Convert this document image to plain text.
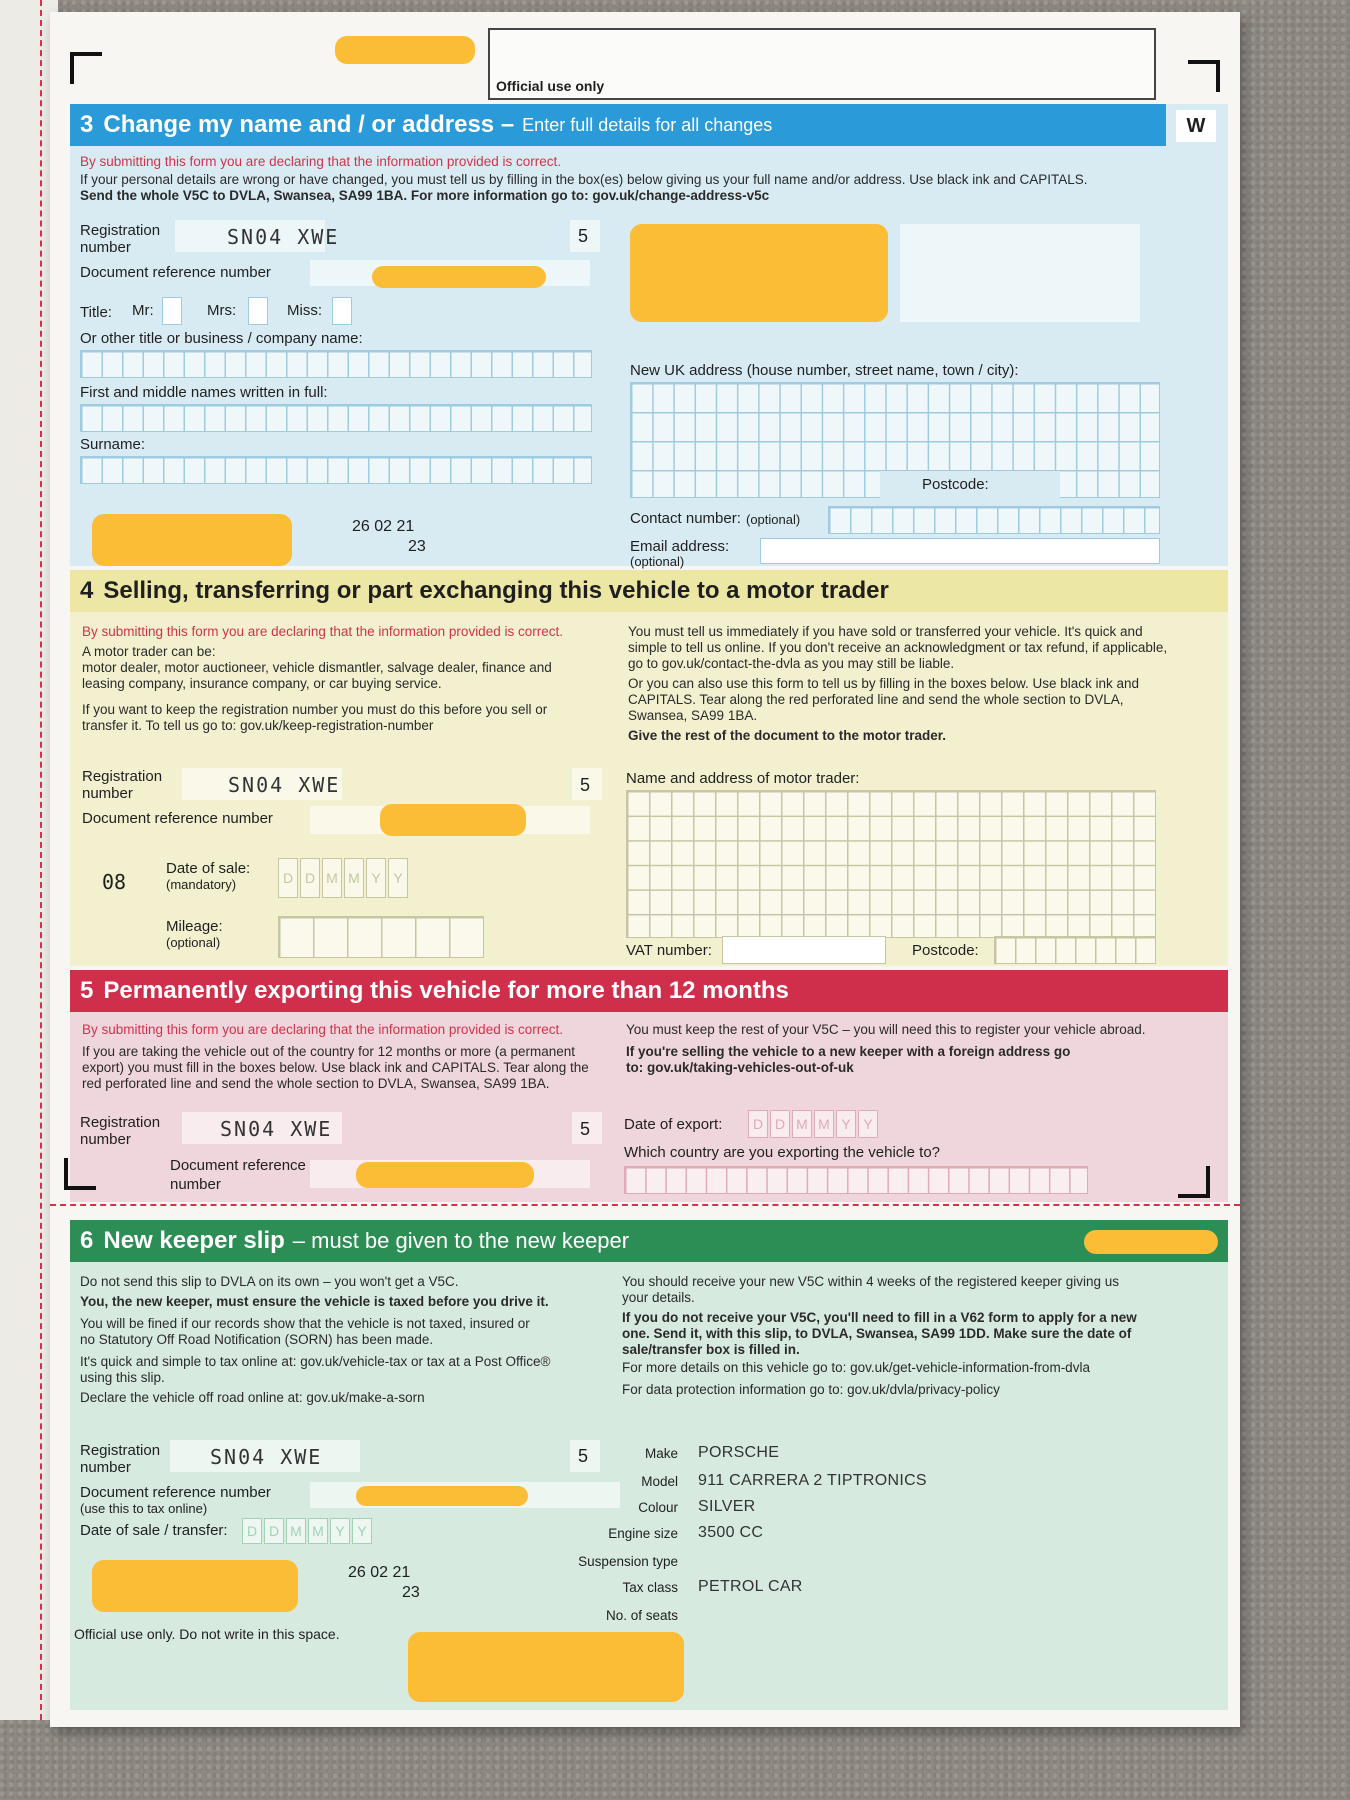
Official use only
3 Change my name and / or address – Enter full details for all changes	W
By submitting this form you are declaring that the information provided is correct.
If your personal details are wrong or have changed, you must tell us by filling in the box(es) below giving us your full name and/or address. Use black ink and CAPITALS.
Send the whole V5C to DVLA, Swansea, SA99 1BA. For more information go to: gov.uk/change-address-v5c
Registration number	SN04 XWE	5
Document reference number
Title: Mr:	Mrs:	Miss:
Or other title or business / company name:
First and middle names written in full:
Surname:
26 02 21
23
New UK address (house number, street name, town / city):
Postcode:
Contact number: (optional)
Email address:
(optional)
4 Selling, transferring or part exchanging this vehicle to a motor trader
By submitting this form you are declaring that the information provided is correct.
A motor trader can be:
motor dealer, motor auctioneer, vehicle dismantler, salvage dealer, finance and leasing company, insurance company, or car buying service.
If you want to keep the registration number you must do this before you sell or transfer it. To tell us go to: gov.uk/keep-registration-number
You must tell us immediately if you have sold or transferred your vehicle. It's quick and simple to tell us online. If you don't receive an acknowledgment or tax refund, if applicable, go to gov.uk/contact-the-dvla as you may still be liable.
Or you can also use this form to tell us by filling in the boxes below. Use black ink and CAPITALS. Tear along the red perforated line and send the whole section to DVLA, Swansea, SA99 1BA.
Give the rest of the document to the motor trader.
Registration number	SN04 XWE	5
Document reference number
08
Date of sale:
(mandatory)	D D M M Y Y
Mileage:
(optional)
Name and address of motor trader:
VAT number:	Postcode:
5 Permanently exporting this vehicle for more than 12 months
By submitting this form you are declaring that the information provided is correct.
If you are taking the vehicle out of the country for 12 months or more (a permanent export) you must fill in the boxes below. Use black ink and CAPITALS. Tear along the red perforated line and send the whole section to DVLA, Swansea, SA99 1BA.
You must keep the rest of your V5C – you will need this to register your vehicle abroad.
If you're selling the vehicle to a new keeper with a foreign address go to: gov.uk/taking-vehicles-out-of-uk
Registration number	SN04 XWE	5
Document reference number
Date of export:	D D M M Y Y
Which country are you exporting the vehicle to?
6 New keeper slip – must be given to the new keeper
Do not send this slip to DVLA on its own – you won't get a V5C.
You, the new keeper, must ensure the vehicle is taxed before you drive it.
You will be fined if our records show that the vehicle is not taxed, insured or no Statutory Off Road Notification (SORN) has been made.
It's quick and simple to tax online at: gov.uk/vehicle-tax or tax at a Post Office® using this slip.
Declare the vehicle off road online at: gov.uk/make-a-sorn
You should receive your new V5C within 4 weeks of the registered keeper giving us your details.
If you do not receive your V5C, you'll need to fill in a V62 form to apply for a new one. Send it, with this slip, to DVLA, Swansea, SA99 1DD. Make sure the date of sale/transfer box is filled in.
For more details on this vehicle go to: gov.uk/get-vehicle-information-from-dvla
For data protection information go to: gov.uk/dvla/privacy-policy
Registration number	SN04 XWE	5
Document reference number
(use this to tax online)
Date of sale / transfer:	D D M M Y Y
26 02 21
23
Official use only. Do not write in this space.
Make PORSCHE
Model 911 CARRERA 2 TIPTRONICS
Colour SILVER
Engine size 3500 CC
Suspension type
Tax class PETROL CAR
No. of seats
